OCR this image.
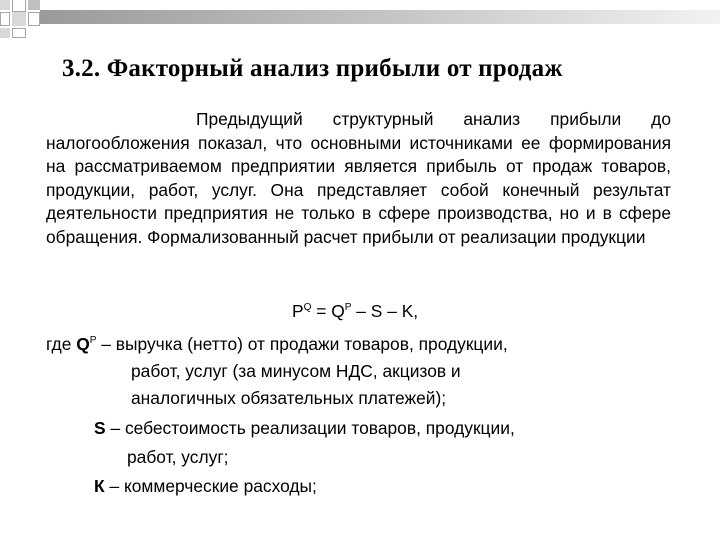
3.2. Факторный анализ прибыли от продаж

Предыдущий структурный анализ прибыли до налогообложения показал, что основными источниками ее формирования на рассматриваемом предприятии является прибыль от продаж товаров, продукции, работ, услуг. Она представляет собой конечный результат деятельности предприятия не только в сфере производства, но и в сфере обращения. Формализованный расчет прибыли от реализации продукции

$P^Q = Q^P - S - K$,
где $Q^P$ – выручка (нетто) от продажи товаров, продукции,
работ, услуг (за минусом НДС, акцизов и
аналогичных обязательных платежей);
S – себестоимость реализации товаров, продукции,
работ, услуг;
К – коммерческие расходы;
